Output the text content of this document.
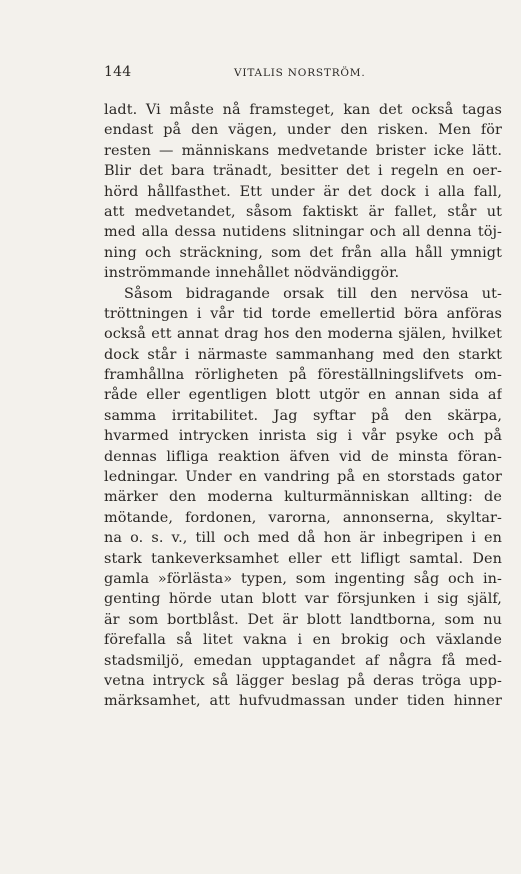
144	VITALIS NORSTRÖM.
ladt. Vi måste nå framsteget, kan det också tagas
endast på den vägen, under den risken. Men för
resten — människans medvetande brister icke lätt.
Blir det bara tränadt, besitter det i regeln en oer-
hörd hållfasthet. Ett under är det dock i alla fall,
att medvetandet, såsom faktiskt är fallet, står ut
med alla dessa nutidens slitningar och all denna töj-
ning och sträckning, som det från alla håll ymnigt
inströmmande innehållet nödvändiggör.
Såsom bidragande orsak till den nervösa ut-
tröttningen i vår tid torde emellertid böra anföras
också ett annat drag hos den moderna själen, hvilket
dock står i närmaste sammanhang med den starkt
framhållna rörligheten på föreställningslifvets om-
råde eller egentligen blott utgör en annan sida af
samma irritabilitet. Jag syftar på den skärpa,
hvarmed intrycken inrista sig i vår psyke och på
dennas lifliga reaktion äfven vid de minsta föran-
ledningar. Under en vandring på en storstads gator
märker den moderna kulturmänniskan allting: de
mötande, fordonen, varorna, annonserna, skyltar-
na o. s. v., till och med då hon är inbegripen i en
stark tankeverksamhet eller ett lifligt samtal. Den
gamla »förlästa» typen, som ingenting såg och in-
genting hörde utan blott var försjunken i sig själf,
är som bortblåst. Det är blott landtborna, som nu
förefalla så litet vakna i en brokig och växlande
stadsmiljö, emedan upptagandet af några få med-
vetna intryck så lägger beslag på deras tröga upp-
märksamhet, att hufvudmassan under tiden hinner
